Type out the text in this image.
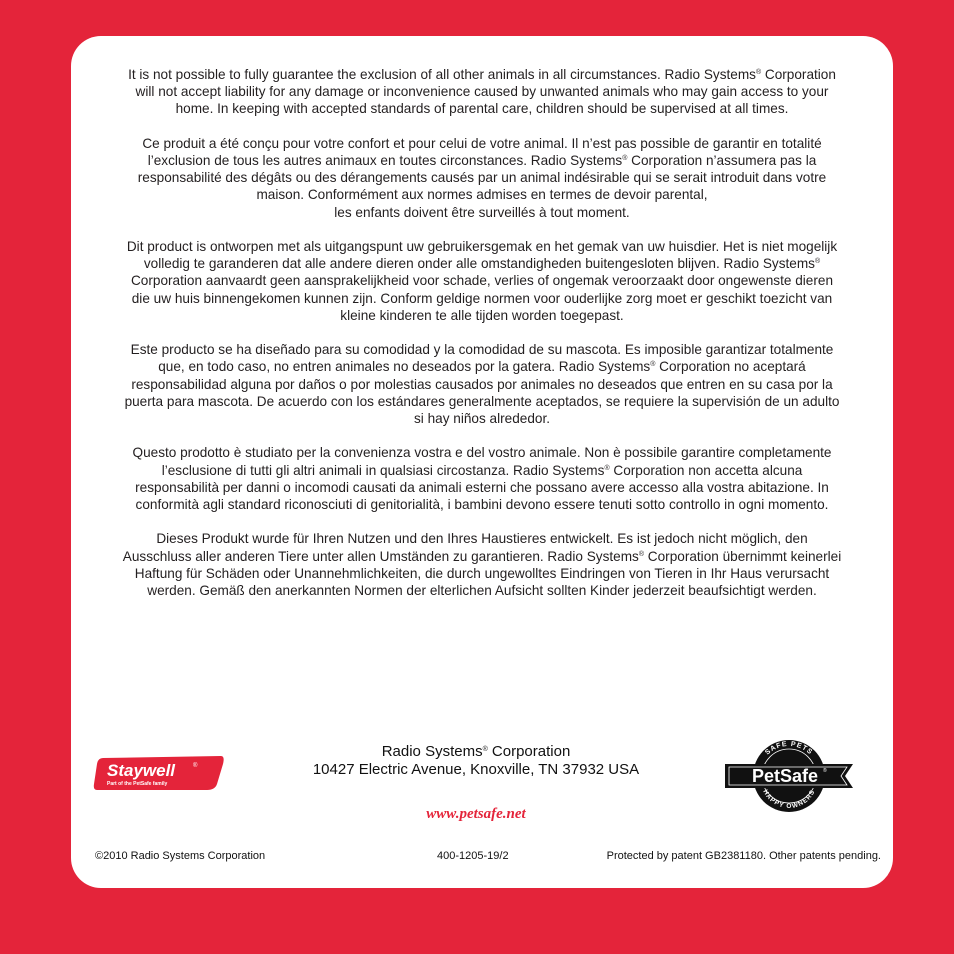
It is not possible to fully guarantee the exclusion of all other animals in all circumstances. Radio Systems® Corporation
will not accept liability for any damage or inconvenience caused by unwanted animals who may gain access to your
home. In keeping with accepted standards of parental care, children should be supervised at all times.

Ce produit a été conçu pour votre confort et pour celui de votre animal. Il n’est pas possible de garantir en totalité
l’exclusion de tous les autres animaux en toutes circonstances. Radio Systems® Corporation n’assumera pas la
responsabilité des dégâts ou des dérangements causés par un animal indésirable qui se serait introduit dans votre
maison. Conformément aux normes admises en termes de devoir parental,
les enfants doivent être surveillés à tout moment.

Dit product is ontworpen met als uitgangspunt uw gebruikersgemak en het gemak van uw huisdier. Het is niet mogelijk
volledig te garanderen dat alle andere dieren onder alle omstandigheden buitengesloten blijven. Radio Systems®
Corporation aanvaardt geen aansprakelijkheid voor schade, verlies of ongemak veroorzaakt door ongewenste dieren
die uw huis binnengekomen kunnen zijn. Conform geldige normen voor ouderlijke zorg moet er geschikt toezicht van
kleine kinderen te alle tijden worden toegepast.

Este producto se ha diseñado para su comodidad y la comodidad de su mascota. Es imposible garantizar totalmente
que, en todo caso, no entren animales no deseados por la gatera. Radio Systems® Corporation no aceptará
responsabilidad alguna por daños o por molestias causados por animales no deseados que entren en su casa por la
puerta para mascota. De acuerdo con los estándares generalmente aceptados, se requiere la supervisión de un adulto
si hay niños alrededor.

Questo prodotto è studiato per la convenienza vostra e del vostro animale. Non è possibile garantire completamente
l’esclusione di tutti gli altri animali in qualsiasi circostanza. Radio Systems® Corporation non accetta alcuna
responsabilità per danni o incomodi causati da animali esterni che possano avere accesso alla vostra abitazione. In
conformità agli standard riconosciuti di genitorialità, i bambini devono essere tenuti sotto controllo in ogni momento.

Dieses Produkt wurde für Ihren Nutzen und den Ihres Haustieres entwickelt. Es ist jedoch nicht möglich, den
Ausschluss aller anderen Tiere unter allen Umständen zu garantieren. Radio Systems® Corporation übernimmt keinerlei
Haftung für Schäden oder Unannehmlichkeiten, die durch ungewolltes Eindringen von Tieren in Ihr Haus verursacht
werden. Gemäß den anerkannten Normen der elterlichen Aufsicht sollten Kinder jederzeit beaufsichtigt werden.

Staywell	®
Part of the PetSafe family
Radio Systems® Corporation
10427 Electric Avenue, Knoxville, TN 37932 USA
www.petsafe.net
SAFE PETS
HAPPY OWNERS
PetSafe ®
©2010 Radio Systems Corporation	400-1205-19/2	Protected by patent GB2381180. Other patents pending.
